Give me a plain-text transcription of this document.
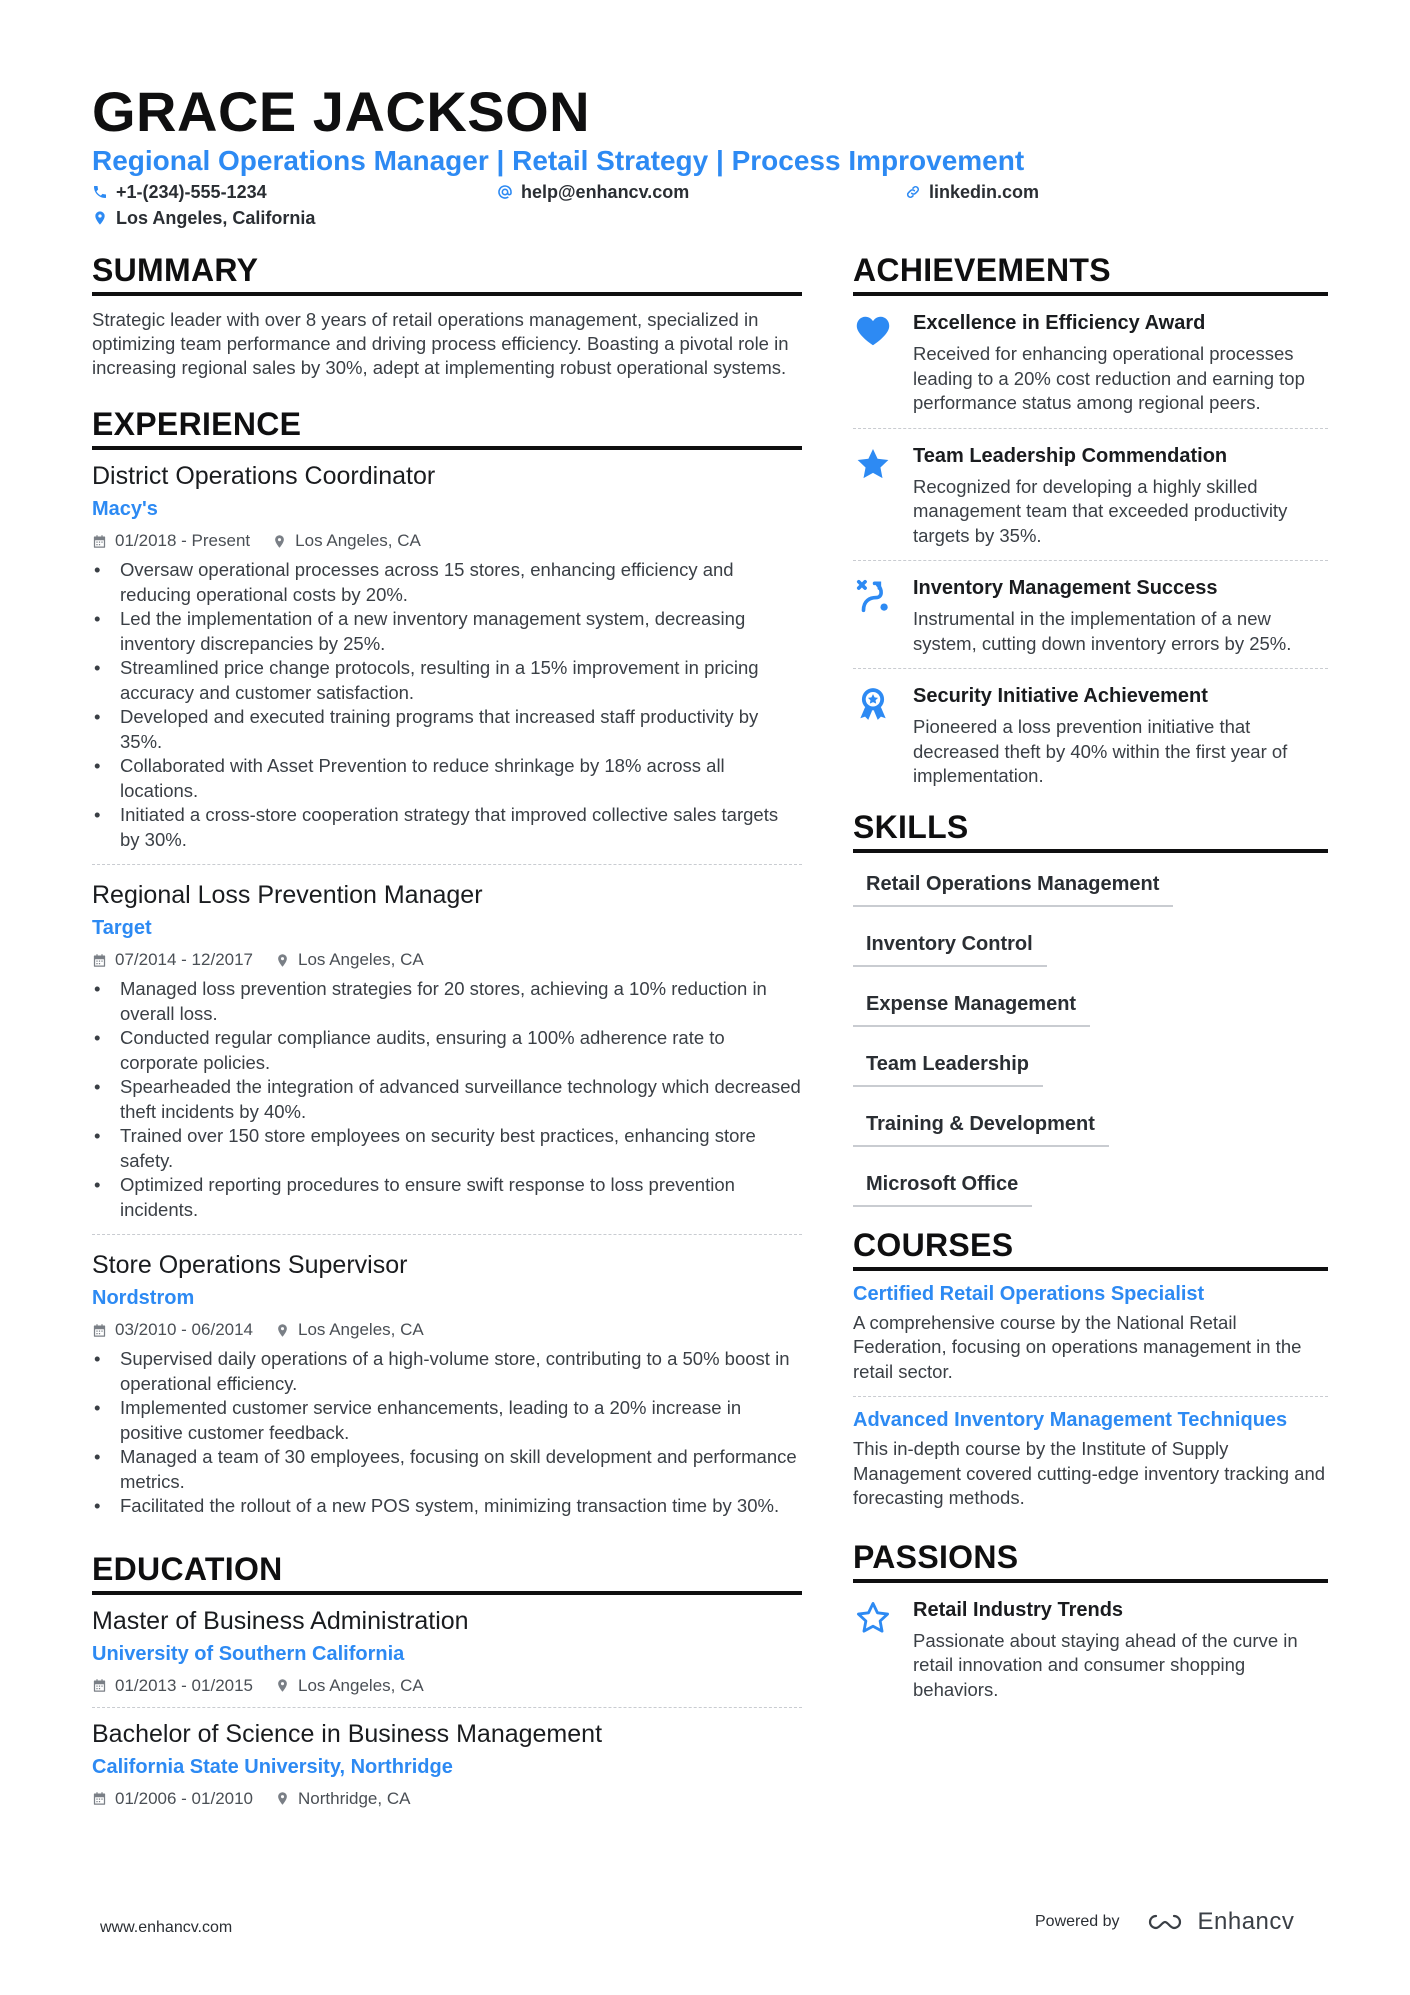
GRACE JACKSON
Regional Operations Manager | Retail Strategy | Process Improvement
+1-(234)-555-1234	help@enhancv.com	linkedin.com
Los Angeles, California
SUMMARY

Strategic leader with over 8 years of retail operations management, specialized in optimizing team performance and driving process efficiency. Boasting a pivotal role in increasing regional sales by 30%, adept at implementing robust operational systems.

EXPERIENCE
District Operations Coordinator
Macy's
01/2018 - Present	Los Angeles, CA
• Oversaw operational processes across 15 stores, enhancing efficiency and reducing operational costs by 20%.
• Led the implementation of a new inventory management system, decreasing inventory discrepancies by 25%.
• Streamlined price change protocols, resulting in a 15% improvement in pricing accuracy and customer satisfaction.
• Developed and executed training programs that increased staff productivity by 35%.
• Collaborated with Asset Prevention to reduce shrinkage by 18% across all locations.
• Initiated a cross-store cooperation strategy that improved collective sales targets by 30%.
Regional Loss Prevention Manager
Target
07/2014 - 12/2017	Los Angeles, CA
• Managed loss prevention strategies for 20 stores, achieving a 10% reduction in overall loss.
• Conducted regular compliance audits, ensuring a 100% adherence rate to corporate policies.
• Spearheaded the integration of advanced surveillance technology which decreased theft incidents by 40%.
• Trained over 150 store employees on security best practices, enhancing store safety.
• Optimized reporting procedures to ensure swift response to loss prevention incidents.
Store Operations Supervisor
Nordstrom
03/2010 - 06/2014	Los Angeles, CA
• Supervised daily operations of a high-volume store, contributing to a 50% boost in operational efficiency.
• Implemented customer service enhancements, leading to a 20% increase in positive customer feedback.
• Managed a team of 30 employees, focusing on skill development and performance metrics.
• Facilitated the rollout of a new POS system, minimizing transaction time by 30%.
EDUCATION
Master of Business Administration
University of Southern California
01/2013 - 01/2015	Los Angeles, CA
Bachelor of Science in Business Management
California State University, Northridge
01/2006 - 01/2010	Northridge, CA
ACHIEVEMENTS
Excellence in Efficiency Award
Received for enhancing operational processes leading to a 20% cost reduction and earning top performance status among regional peers.
Team Leadership Commendation
Recognized for developing a highly skilled management team that exceeded productivity targets by 35%.
Inventory Management Success
Instrumental in the implementation of a new system, cutting down inventory errors by 25%.
Security Initiative Achievement
Pioneered a loss prevention initiative that decreased theft by 40% within the first year of implementation.
SKILLS
Retail Operations Management
Inventory Control
Expense Management
Team Leadership
Training & Development
Microsoft Office
COURSES
Certified Retail Operations Specialist
A comprehensive course by the National Retail Federation, focusing on operations management in the retail sector.
Advanced Inventory Management Techniques
This in-depth course by the Institute of Supply Management covered cutting-edge inventory tracking and forecasting methods.
PASSIONS
Retail Industry Trends
Passionate about staying ahead of the curve in retail innovation and consumer shopping behaviors.
www.enhancv.com	Powered by	Enhancv
